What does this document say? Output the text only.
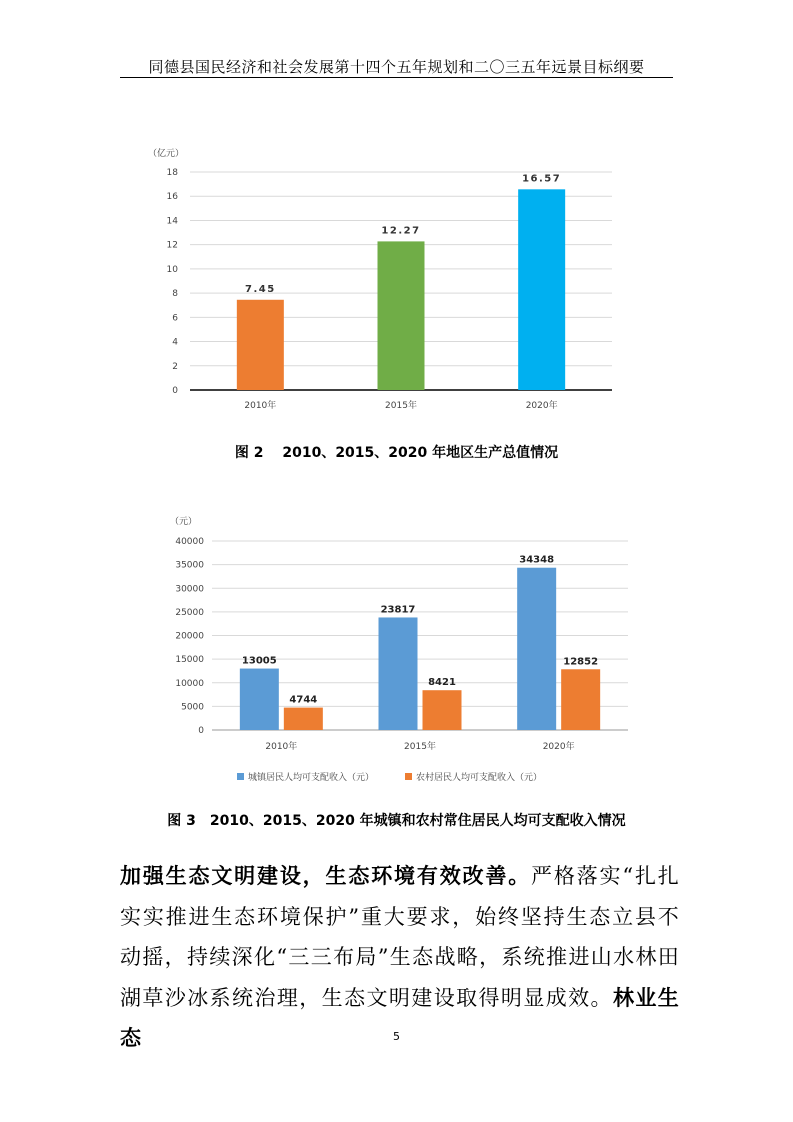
同德县国民经济和社会发展第十四个五年规划和二〇三五年远景目标纲要
（亿元）
0
2
4
6
8
10
12
14
16
18
7.45
2010年
12.27
2015年
16.57
2020年
图 2　 2010、2015、2020 年地区生产总值情况
（元）
0
5000
10000
15000
20000
25000
30000
35000
40000
13005
4744
2010年
23817
8421
2015年
34348
12852
2020年
城镇居民人均可支配收入（元）	农村居民人均可支配收入（元）
图 3　2010、2015、2020 年城镇和农村常住居民人均可支配收入情况
加强生态文明建设，生态环境有效改善。严格落实“扎扎实实推进生态环境保护”重大要求，始终坚持生态立县不动摇，持续深化“三三布局”生态战略，系统推进山水林田湖草沙冰系统治理，生态文明建设取得明显成效。林业生态	5
